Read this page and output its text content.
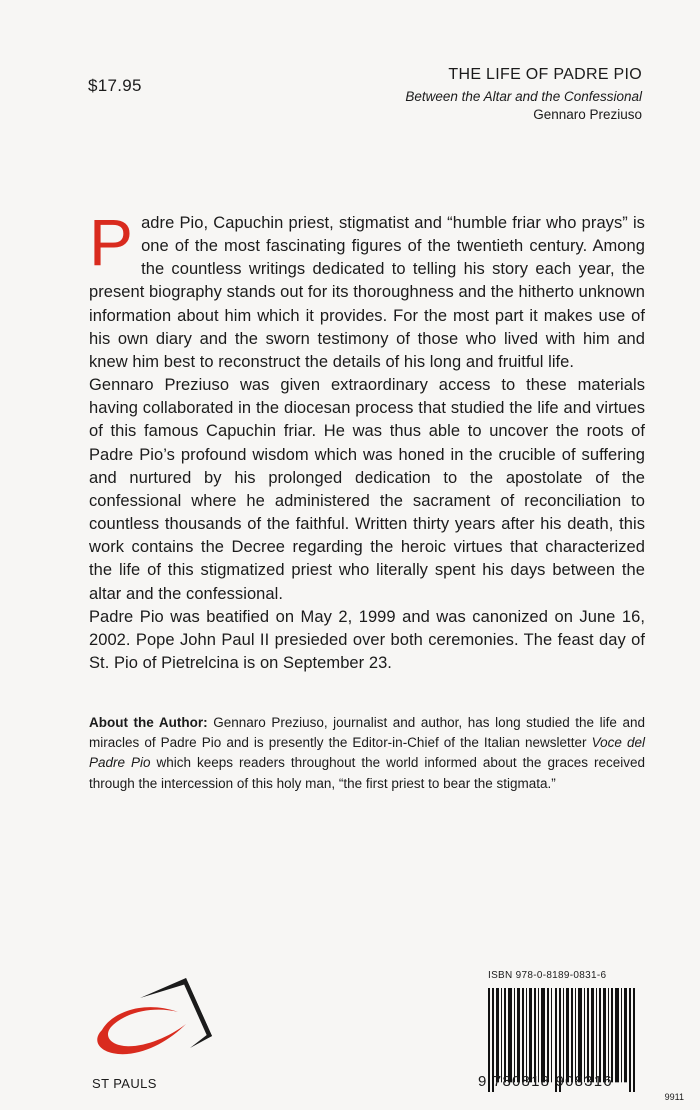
$17.95
THE LIFE OF PADRE PIO
Between the Altar and the Confessional
Gennaro Preziuso

Padre Pio, Capuchin priest, stigmatist and “humble friar who prays” is one of the most fascinating figures of the twentieth century. Among the countless writings dedicated to telling his story each year, the present biography stands out for its thoroughness and the hitherto unknown information about him which it provides. For the most part it makes use of his own diary and the sworn testimony of those who lived with him and knew him best to reconstruct the details of his long and fruitful life.

Gennaro Preziuso was given extraordinary access to these materials having collaborated in the diocesan process that studied the life and virtues of this famous Capuchin friar. He was thus able to uncover the roots of Padre Pio’s profound wisdom which was honed in the crucible of suffering and nurtured by his prolonged dedication to the apostolate of the confessional where he administered the sacrament of reconciliation to countless thousands of the faithful. Written thirty years after his death, this work contains the Decree regarding the heroic virtues that characterized the life of this stigmatized priest who literally spent his days between the altar and the confessional.

Padre Pio was beatified on May 2, 1999 and was canonized on June 16, 2002. Pope John Paul II presieded over both ceremonies. The feast day of St. Pio of Pietrelcina is on September 23.

About the Author: Gennaro Preziuso, journalist and author, has long studied the life and miracles of Padre Pio and is presently the Editor-in-Chief of the Italian newsletter Voce del Padre Pio which keeps readers throughout the world informed about the graces received through the intercession of this holy man, “the first priest to bear the stigmata.”
ST PAULS
ISBN 978-0-8189-0831-6
9 780818 908316
9911
